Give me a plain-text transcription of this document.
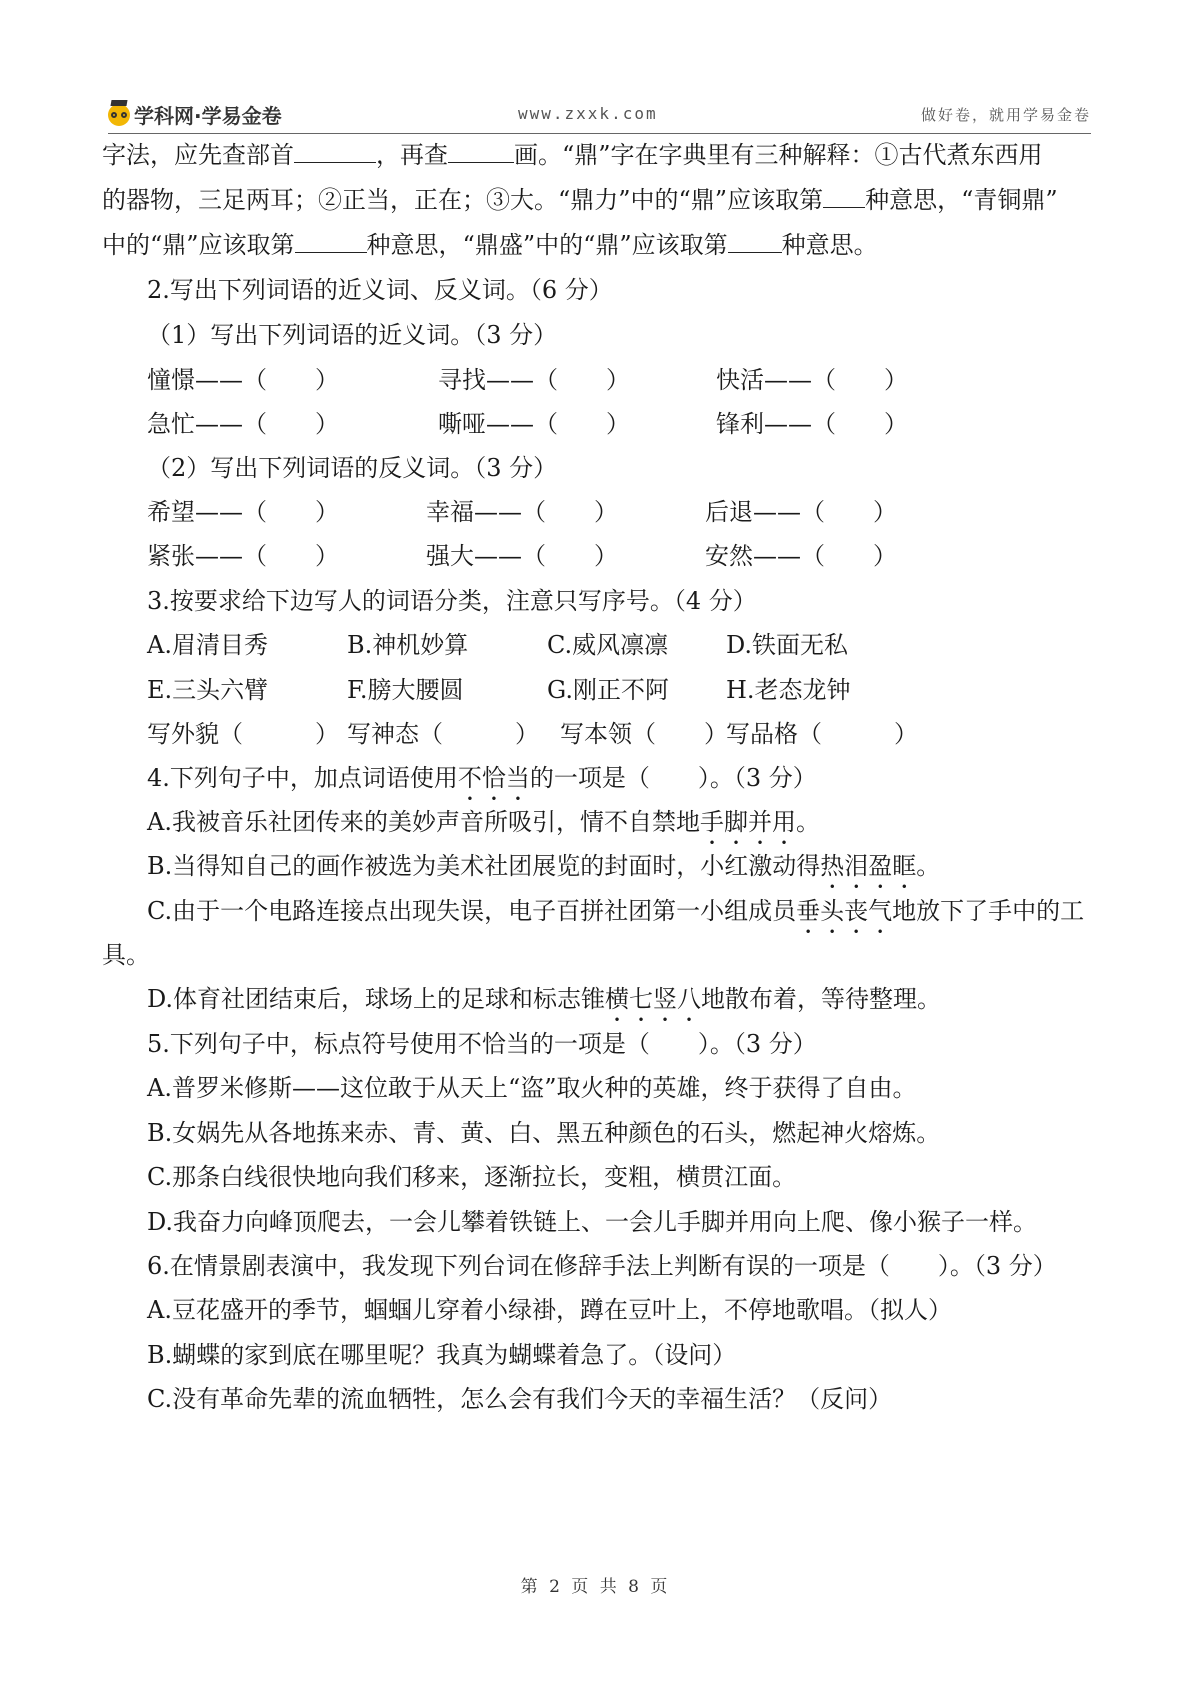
学科网·学易金卷	www.zxxk.com	做好卷，就用学易金卷
字法，应先查部首	，再查	画。“鼎”字在字典里有三种解释：①古代煮东西用
的器物，三足两耳；②正当，正在；③大。“鼎力”中的“鼎”应该取第 种意思，“青铜鼎”
中的“鼎”应该取第	种意思，“鼎盛”中的“鼎”应该取第 种意思。
2.写出下列词语的近义词、反义词。（6 分）
（1）写出下列词语的近义词。（3 分）
憧憬——（　　）	寻找——（　　）	快活——（　　）
急忙——（　　）	嘶哑——（　　）	锋利——（　　）
（2）写出下列词语的反义词。（3 分）
希望——（　　）	幸福——（　　）	后退——（　　）
紧张——（　　）	强大——（　　）	安然——（　　）
3.按要求给下边写人的词语分类，注意只写序号。（4 分）
A.眉清目秀	B.神机妙算	C.威风凛凛 D.铁面无私
E.三头六臂	F.膀大腰圆	G.刚正不阿 H.老态龙钟
写外貌（　　　） 写神态（　　　） 写本领（　　）
写品格（　　　）
4.下列句子中，加点词语使用不恰当的一项是（　　）。（3 分）
A.我被音乐社团传来的美妙声音所吸引，情不自禁地手脚并用。
B.当得知自己的画作被选为美术社团展览的封面时，小红激动得热泪盈眶。
C.由于一个电路连接点出现失误，电子百拼社团第一小组成员垂头丧气地放下了手中的工
具。
D.体育社团结束后，球场上的足球和标志锥横七竖八地散布着，等待整理。
5.下列句子中，标点符号使用不恰当的一项是（　　）。（3 分）
A.普罗米修斯——这位敢于从天上“盗”取火种的英雄，终于获得了自由。
B.女娲先从各地拣来赤、青、黄、白、黑五种颜色的石头，燃起神火熔炼。
C.那条白线很快地向我们移来，逐渐拉长，变粗，横贯江面。
D.我奋力向峰顶爬去，一会儿攀着铁链上、一会儿手脚并用向上爬、像小猴子一样。
6.在情景剧表演中，我发现下列台词在修辞手法上判断有误的一项是（　　）。（3 分）
A.豆花盛开的季节，蝈蝈儿穿着小绿褂，蹲在豆叶上，不停地歌唱。（拟人）
B.蝴蝶的家到底在哪里呢？我真为蝴蝶着急了。（设问）
C.没有革命先辈的流血牺牲，怎么会有我们今天的幸福生活？（反问）
第 2 页 共 8 页
